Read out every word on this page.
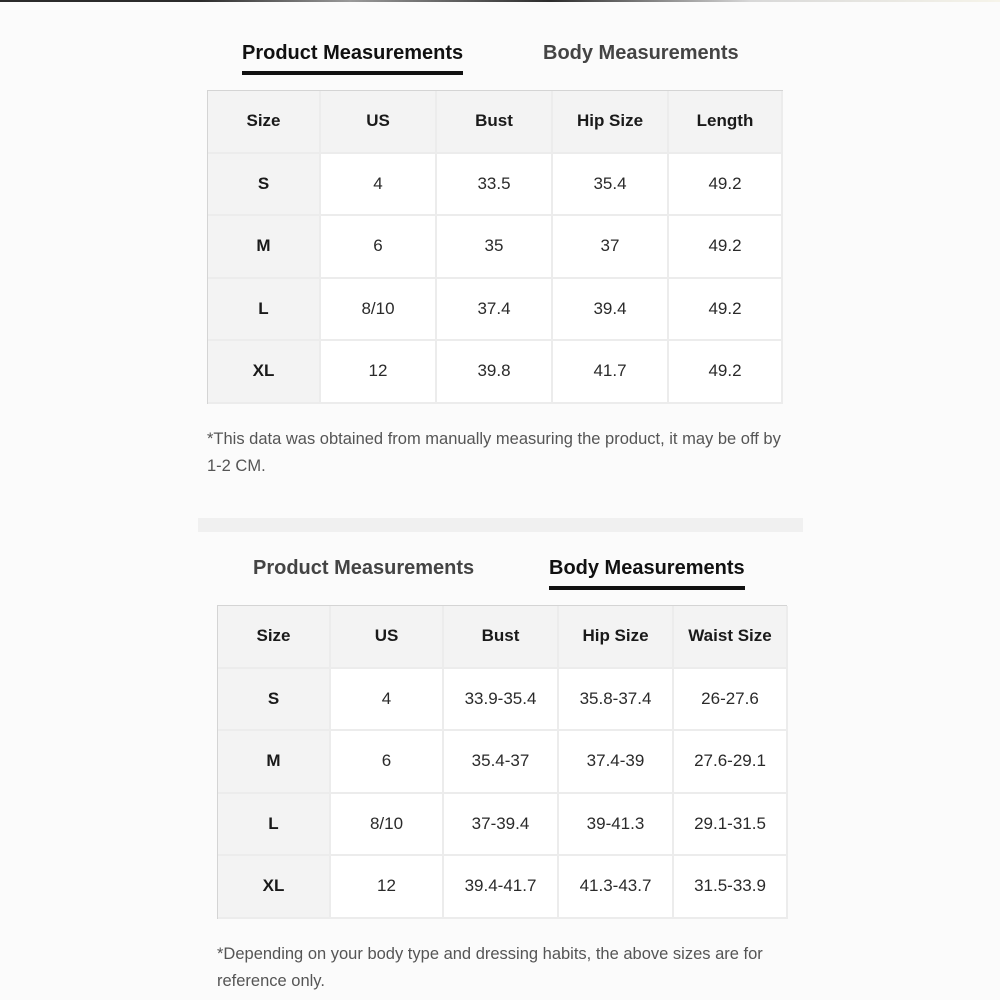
Product Measurements	Body Measurements
Size	US	Bust	Hip Size	Length
S	4	33.5	35.4	49.2
M	6	35	37	49.2
L	8/10	37.4	39.4	49.2
XL	12	39.8	41.7	49.2

*This data was obtained from manually measuring the product, it may be off by 1-2 CM.

Product Measurements	Body Measurements
Size	US	Bust	Hip Size	Waist Size
S	4	33.9-35.4	35.8-37.4	26-27.6
M	6	35.4-37	37.4-39	27.6-29.1
L	8/10	37-39.4	39-41.3	29.1-31.5
XL	12	39.4-41.7	41.3-43.7	31.5-33.9

*Depending on your body type and dressing habits, the above sizes are for reference only.
